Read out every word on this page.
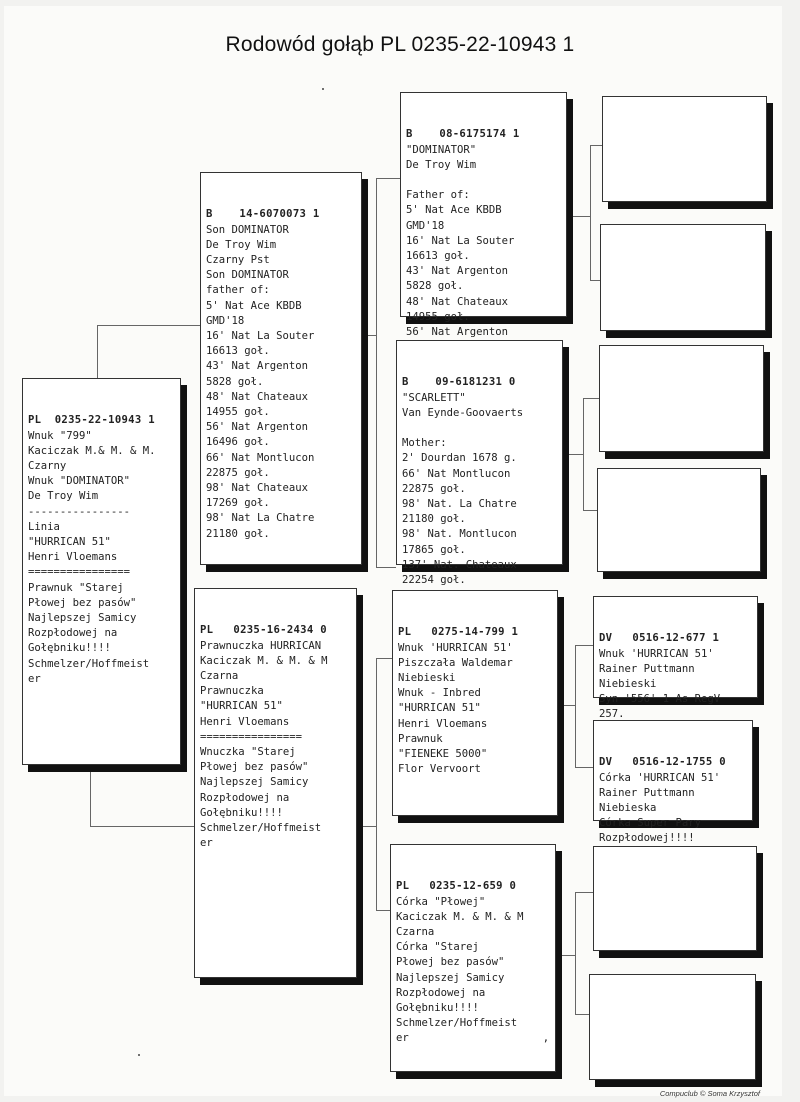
Rodowód gołąb PL 0235-22-10943 1

PL  0235-22-10943 1
Wnuk "799"
Kaciczak M.& M. & M.
Czarny
Wnuk "DOMINATOR"
De Troy Wim
----------------
Linia
"HURRICAN 51"
Henri Vloemans
================
Prawnuk "Starej
Płowej bez pasów"
Najlepszej Samicy
Rozpłodowej na
Gołębniku!!!!
Schmelzer/Hoffmeist
er

B    14-6070073 1
Son DOMINATOR
De Troy Wim
Czarny Pst
Son DOMINATOR
father of:
5' Nat Ace KBDB
GMD'18
16' Nat La Souter
16613 goł.
43' Nat Argenton
5828 goł.
48' Nat Chateaux
14955 goł.
56' Nat Argenton
16496 goł.
66' Nat Montlucon
22875 goł.
98' Nat Chateaux
17269 goł.
98' Nat La Chatre
21180 goł.

PL   0235-16-2434 0
Prawnuczka HURRICAN
Kaciczak M. & M. & M
Czarna
Prawnuczka
"HURRICAN 51"
Henri Vloemans
================
Wnuczka "Starej
Płowej bez pasów"
Najlepszej Samicy
Rozpłodowej na
Gołębniku!!!!
Schmelzer/Hoffmeist
er

B    08-6175174 1
"DOMINATOR"
De Troy Wim

Father of:
5' Nat Ace KBDB
GMD'18
16' Nat La Souter
16613 goł.
43' Nat Argenton
5828 goł.
48' Nat Chateaux
14955 goł.
56' Nat Argenton

B    09-6181231 0
"SCARLETT"
Van Eynde-Goovaerts

Mother:
2' Dourdan 1678 g.
66' Nat Montlucon
22875 goł.
98' Nat. La Chatre
21180 goł.
98' Nat. Montlucon
17865 goł.
137' Nat. Chateaux
22254 goł.

PL   0275-14-799 1
Wnuk 'HURRICAN 51'
Piszczała Waldemar
Niebieski
Wnuk - Inbred
"HURRICAN 51"
Henri Vloemans
Prawnuk
"FIENEKE 5000"
Flor Vervoort

PL   0235-12-659 0
Córka "Płowej"
Kaciczak M. & M. & M
Czarna
Córka "Starej
Płowej bez pasów"
Najlepszej Samicy
Rozpłodowej na
Gołębniku!!!!
Schmelzer/Hoffmeist
er                     ,

DV   0516-12-677 1
Wnuk 'HURRICAN 51'
Rainer Puttmann
Niebieski
Syn '556' 1 As RegV
257.

DV   0516-12-1755 0
Córka 'HURRICAN 51'
Rainer Puttmann
Niebieska
Córka Super Pary
Rozpłodowej!!!!

Compuclub © Soma Krzysztof
